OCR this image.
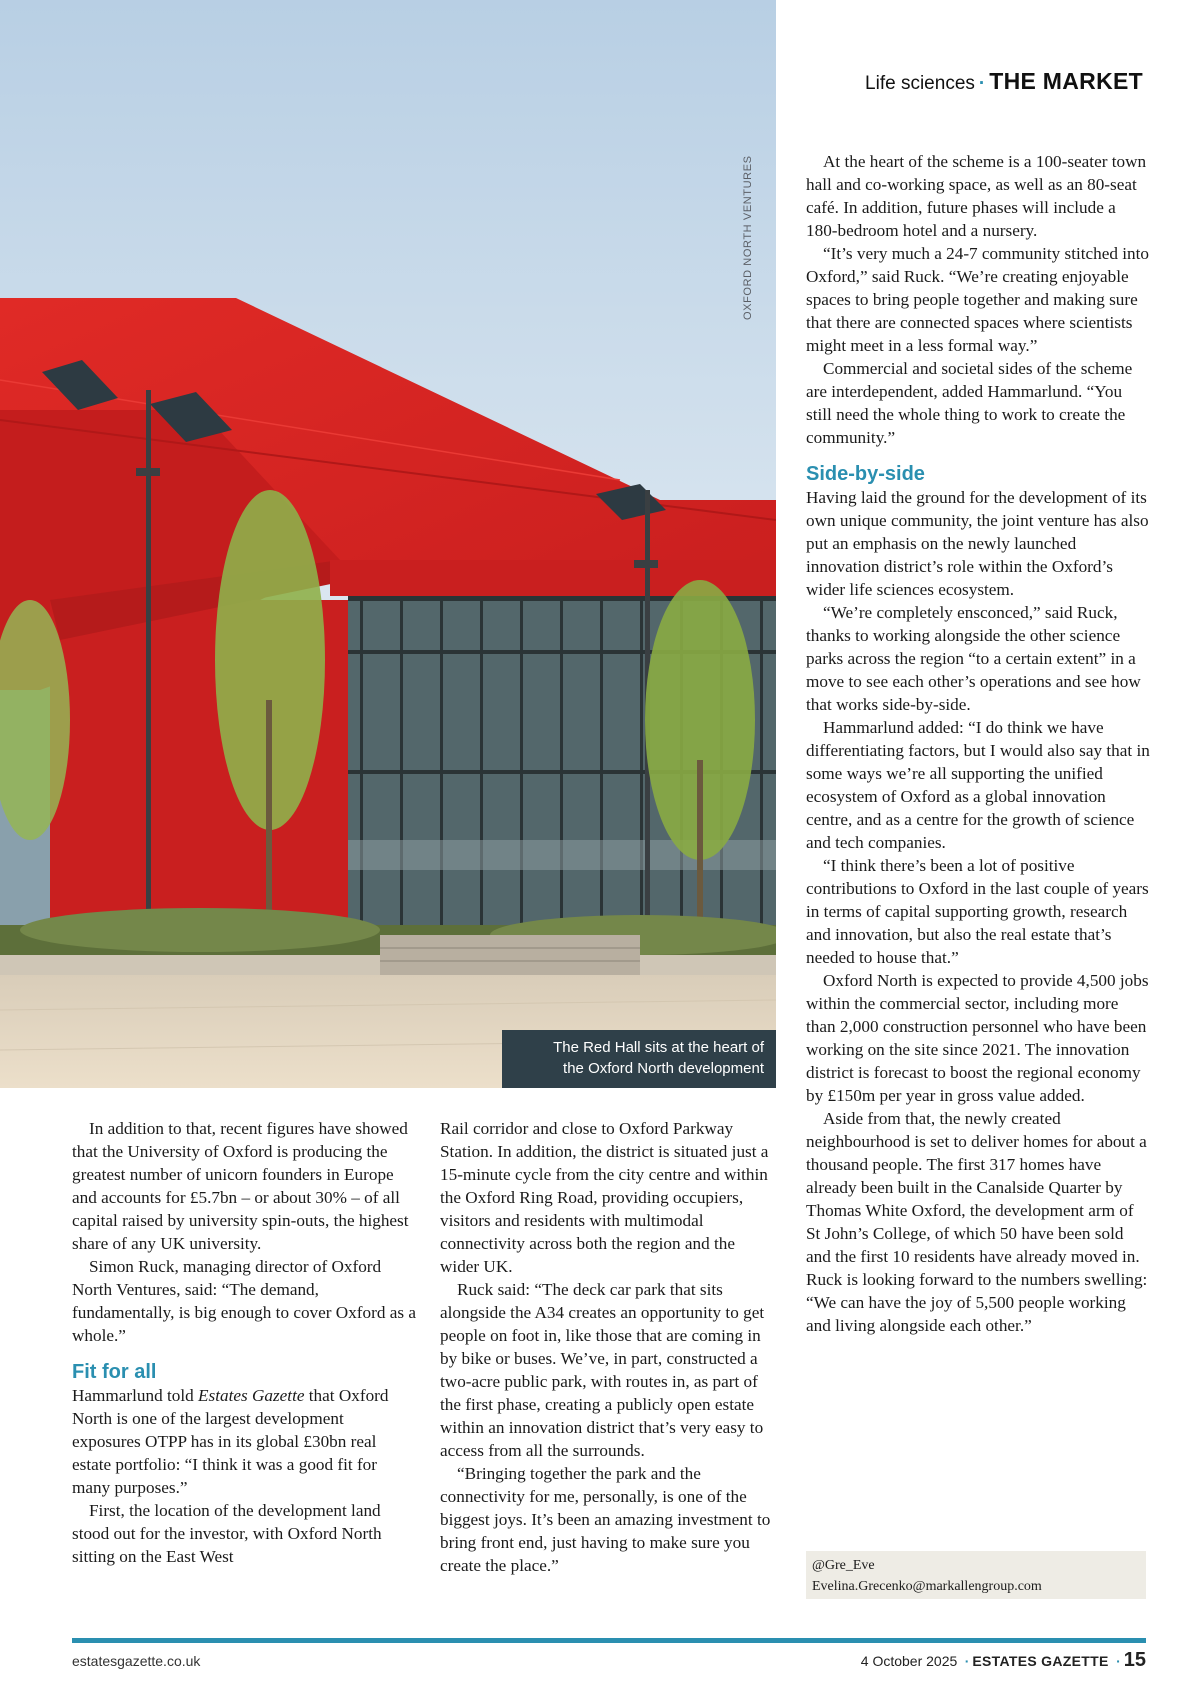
OXFORD NORTH VENTURES
The Red Hall sits at the heart of
the Oxford North development
Life sciences · THE MARKET

In addition to that, recent figures have showed that the University of Oxford is producing the greatest number of unicorn founders in Europe and accounts for £5.7bn – or about 30% – of all capital raised by university spin-outs, the highest share of any UK university.

Simon Ruck, managing director of Oxford North Ventures, said: “The demand, fundamentally, is big enough to cover Oxford as a whole.”

Fit for all

Hammarlund told Estates Gazette that Oxford North is one of the largest development exposures OTPP has in its global £30bn real estate portfolio: “I think it was a good fit for many purposes.”

First, the location of the development land stood out for the investor, with Oxford North sitting on the East West

Rail corridor and close to Oxford Parkway Station. In addition, the district is situated just a 15-minute cycle from the city centre and within the Oxford Ring Road, providing occupiers, visitors and residents with multimodal connectivity across both the region and the wider UK.

Ruck said: “The deck car park that sits alongside the A34 creates an opportunity to get people on foot in, like those that are coming in by bike or buses. We’ve, in part, constructed a two-acre public park, with routes in, as part of the first phase, creating a publicly open estate within an innovation district that’s very easy to access from all the surrounds.

“Bringing together the park and the connectivity for me, personally, is one of the biggest joys. It’s been an amazing investment to bring front end, just having to make sure you create the place.”

At the heart of the scheme is a 100-seater town hall and co-working space, as well as an 80-seat café. In addition, future phases will include a 180-bedroom hotel and a nursery.

“It’s very much a 24-7 community stitched into Oxford,” said Ruck. “We’re creating enjoyable spaces to bring people together and making sure that there are connected spaces where scientists might meet in a less formal way.”

Commercial and societal sides of the scheme are interdependent, added Hammarlund. “You still need the whole thing to work to create the community.”

Side-by-side

Having laid the ground for the development of its own unique community, the joint venture has also put an emphasis on the newly launched innovation district’s role within the Oxford’s wider life sciences ecosystem.

“We’re completely ensconced,” said Ruck, thanks to working alongside the other science parks across the region “to a certain extent” in a move to see each other’s operations and see how that works side-by-side.

Hammarlund added: “I do think we have differentiating factors, but I would also say that in some ways we’re all supporting the unified ecosystem of Oxford as a global innovation centre, and as a centre for the growth of science and tech companies.

“I think there’s been a lot of positive contributions to Oxford in the last couple of years in terms of capital supporting growth, research and innovation, but also the real estate that’s needed to house that.”

Oxford North is expected to provide 4,500 jobs within the commercial sector, including more than 2,000 construction personnel who have been working on the site since 2021. The innovation district is forecast to boost the regional economy by £150m per year in gross value added.

Aside from that, the newly created neighbourhood is set to deliver homes for about a thousand people. The first 317 homes have already been built in the Canalside Quarter by Thomas White Oxford, the development arm of St John’s College, of which 50 have been sold and the first 10 residents have already moved in. Ruck is looking forward to the numbers swelling: “We can have the joy of 5,500 people working and living alongside each other.”

@Gre_Eve
Evelina.Grecenko@markallengroup.com
estatesgazette.co.uk	4 October 2025 · ESTATES GAZETTE · 15
